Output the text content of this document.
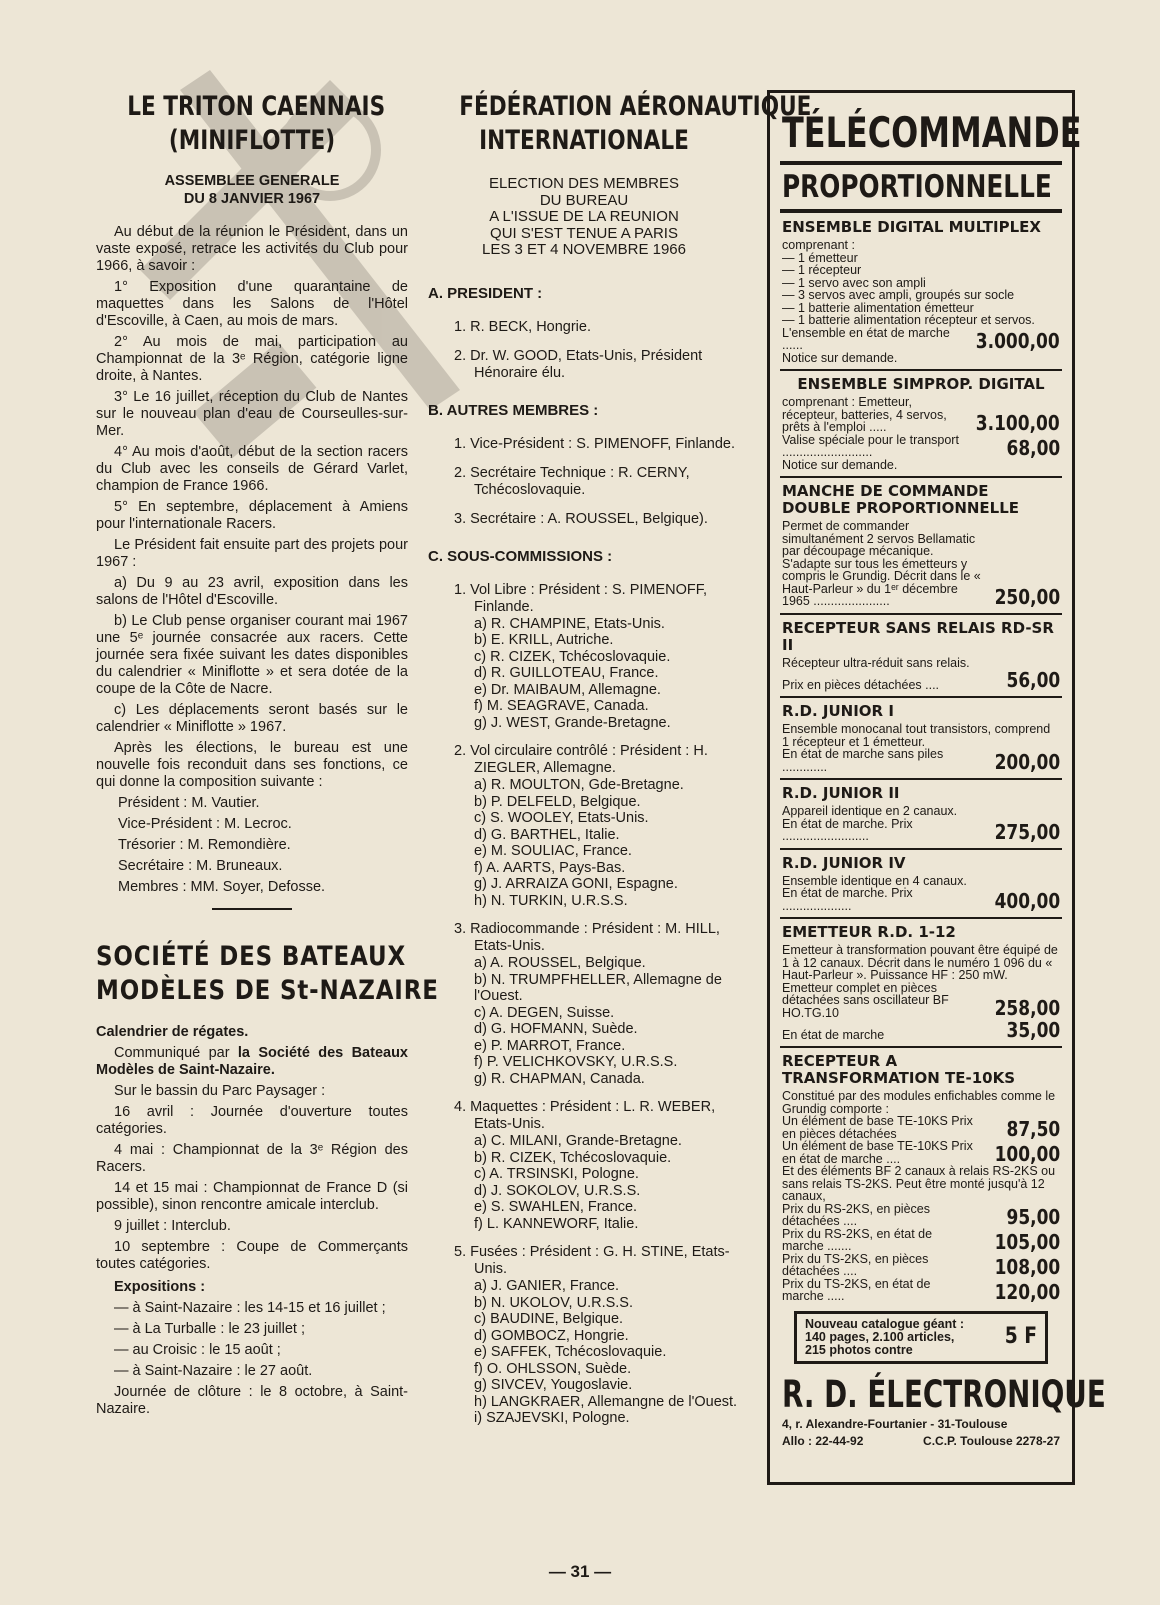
LE TRITON CAENNAIS
(MINIFLOTTE)
ASSEMBLEE GENERALE
DU 8 JANVIER 1967

Au début de la réunion le Président, dans un vaste exposé, retrace les activités du Club pour 1966, à savoir :

1° Exposition d'une quarantaine de maquettes dans les Salons de l'Hôtel d'Escoville, à Caen, au mois de mars.

2° Au mois de mai, participation au Championnat de la 3ᵉ Région, catégorie ligne droite, à Nantes.

3° Le 16 juillet, réception du Club de Nantes sur le nouveau plan d'eau de Courseulles-sur-Mer.

4° Au mois d'août, début de la section racers du Club avec les conseils de Gérard Varlet, champion de France 1966.

5° En septembre, déplacement à Amiens pour l'internationale Racers.

Le Président fait ensuite part des projets pour 1967 :

a) Du 9 au 23 avril, exposition dans les salons de l'Hôtel d'Escoville.

b) Le Club pense organiser courant mai 1967 une 5ᵉ journée consacrée aux racers. Cette journée sera fixée suivant les dates disponibles du calendrier « Miniflotte » et sera dotée de la coupe de la Côte de Nacre.

c) Les déplacements seront basés sur le calendrier « Miniflotte » 1967.

Après les élections, le bureau est une nouvelle fois reconduit dans ses fonctions, ce qui donne la composition suivante :

Président : M. Vautier.

Vice-Président : M. Lecroc.

Trésorier : M. Remondière.

Secrétaire : M. Bruneaux.

Membres : MM. Soyer, Defosse.

SOCIÉTÉ DES BATEAUX
MODÈLES DE St-NAZAIRE

Calendrier de régates.

Communiqué par la Société des Bateaux Modèles de Saint-Nazaire.

Sur le bassin du Parc Paysager :

16 avril : Journée d'ouverture toutes catégories.

4 mai : Championnat de la 3ᵉ Région des Racers.

14 et 15 mai : Championnat de France D (si possible), sinon rencontre amicale interclub.

9 juillet : Interclub.

10 septembre : Coupe de Commerçants toutes catégories.

Expositions :

— à Saint-Nazaire : les 14-15 et 16 juillet ;

— à La Turballe : le 23 juillet ;

— au Croisic : le 15 août ;

— à Saint-Nazaire : le 27 août.

Journée de clôture : le 8 octobre, à Saint-Nazaire.

FÉDÉRATION AÉRONAUTIQUE
INTERNATIONALE
ELECTION DES MEMBRES
DU BUREAU
A L'ISSUE DE LA REUNION
QUI S'EST TENUE A PARIS
LES 3 ET 4 NOVEMBRE 1966

A. PRESIDENT :

1. R. BECK, Hongrie.

2. Dr. W. GOOD, Etats-Unis, Président Hénoraire élu.

B. AUTRES MEMBRES :

1. Vice-Président : S. PIMENOFF, Finlande.

2. Secrétaire Technique : R. CERNY, Tchécoslovaquie.

3. Secrétaire : A. ROUSSEL, Belgique).

C. SOUS-COMMISSIONS :

1. Vol Libre : Président : S. PIMENOFF, Finlande.

a) R. CHAMPINE, Etats-Unis.
b) E. KRILL, Autriche.
c) R. CIZEK, Tchécoslovaquie.
d) R. GUILLOTEAU, France.
e) Dr. MAIBAUM, Allemagne.
f) M. SEAGRAVE, Canada.
g) J. WEST, Grande-Bretagne.

2. Vol circulaire contrôlé : Président : H. ZIEGLER, Allemagne.

a) R. MOULTON, Gde-Bretagne.
b) P. DELFELD, Belgique.
c) S. WOOLEY, Etats-Unis.
d) G. BARTHEL, Italie.
e) M. SOULIAC, France.
f) A. AARTS, Pays-Bas.
g) J. ARRAIZA GONI, Espagne.
h) N. TURKIN, U.R.S.S.

3. Radiocommande : Président : M. HILL, Etats-Unis.

a) A. ROUSSEL, Belgique.
b) N. TRUMPFHELLER, Allemagne de l'Ouest.
c) A. DEGEN, Suisse.
d) G. HOFMANN, Suède.
e) P. MARROT, France.
f) P. VELICHKOVSKY, U.R.S.S.
g) R. CHAPMAN, Canada.

4. Maquettes : Président : L. R. WEBER, Etats-Unis.

a) C. MILANI, Grande-Bretagne.
b) R. CIZEK, Tchécoslovaquie.
c) A. TRSINSKI, Pologne.
d) J. SOKOLOV, U.R.S.S.
e) S. SWAHLEN, France.
f) L. KANNEWORF, Italie.

5. Fusées : Président : G. H. STINE, Etats-Unis.

a) J. GANIER, France.
b) N. UKOLOV, U.R.S.S.
c) BAUDINE, Belgique.
d) GOMBOCZ, Hongrie.
e) SAFFEK, Tchécoslovaquie.
f) O. OHLSSON, Suède.
g) SIVCEV, Yougoslavie.
h) LANGKRAER, Allemangne de l'Ouest.
i) SZAJEVSKI, Pologne.
TÉLÉCOMMANDE
PROPORTIONNELLE
ENSEMBLE DIGITAL MULTIPLEX
comprenant :
— 1 émetteur
— 1 récepteur
— 1 servo avec son ampli
— 3 servos avec ampli, groupés sur socle
— 1 batterie alimentation émetteur
— 1 batterie alimentation récepteur et servos.
L'ensemble en état de marche ......	3.000,00
Notice sur demande.
ENSEMBLE SIMPROP. DIGITAL
comprenant : Emetteur, récepteur, batteries, 4 servos, prêts à l'emploi .....	3.100,00
Valise spéciale pour le transport ..........................	68,00
Notice sur demande.
MANCHE DE COMMANDE DOUBLE PROPORTIONNELLE
Permet de commander simultanément 2 servos Bellamatic par découpage mécanique. S'adapte sur tous les émetteurs y compris le Grundig. Décrit dans le « Haut-Parleur » du 1ᵉʳ décembre 1965 ......................	250,00
RECEPTEUR SANS RELAIS RD-SR II
Récepteur ultra-réduit sans relais.
Prix en pièces détachées ....	56,00
R.D. JUNIOR I
Ensemble monocanal tout transistors, comprend 1 récepteur et 1 émetteur.
En état de marche sans piles .............	200,00
R.D. JUNIOR II
Appareil identique en 2 canaux.
En état de marche. Prix .........................	275,00
R.D. JUNIOR IV
Ensemble identique en 4 canaux.
En état de marche. Prix ....................	400,00
EMETTEUR R.D. 1-12
Emetteur à transformation pouvant être équipé de 1 à 12 canaux. Décrit dans le numéro 1 096 du « Haut-Parleur ». Puissance HF : 250 mW.
Emetteur complet en pièces détachées sans oscillateur BF HO.TG.10	258,00
En état de marche	35,00
RECEPTEUR A TRANSFORMATION TE-10KS
Constitué par des modules enfichables comme le Grundig comporte :
Un élément de base TE-10KS Prix en pièces détachées	87,50
Un élément de base TE-10KS Prix en état de marche ....	100,00
Et des éléments BF 2 canaux à relais RS-2KS ou sans relais TS-2KS. Peut être monté jusqu'à 12 canaux,
Prix du RS-2KS, en pièces détachées ....	95,00
Prix du RS-2KS, en état de marche .......	105,00
Prix du TS-2KS, en pièces détachées ....	108,00
Prix du TS-2KS, en état de marche .....	120,00
Nouveau catalogue géant :
140 pages, 2.100 articles,
215 photos contre
5 F
R. D. ÉLECTRONIQUE
4, r. Alexandre-Fourtanier - 31-Toulouse
Allo : 22-44-92	C.C.P. Toulouse 2278-27
— 31 —
